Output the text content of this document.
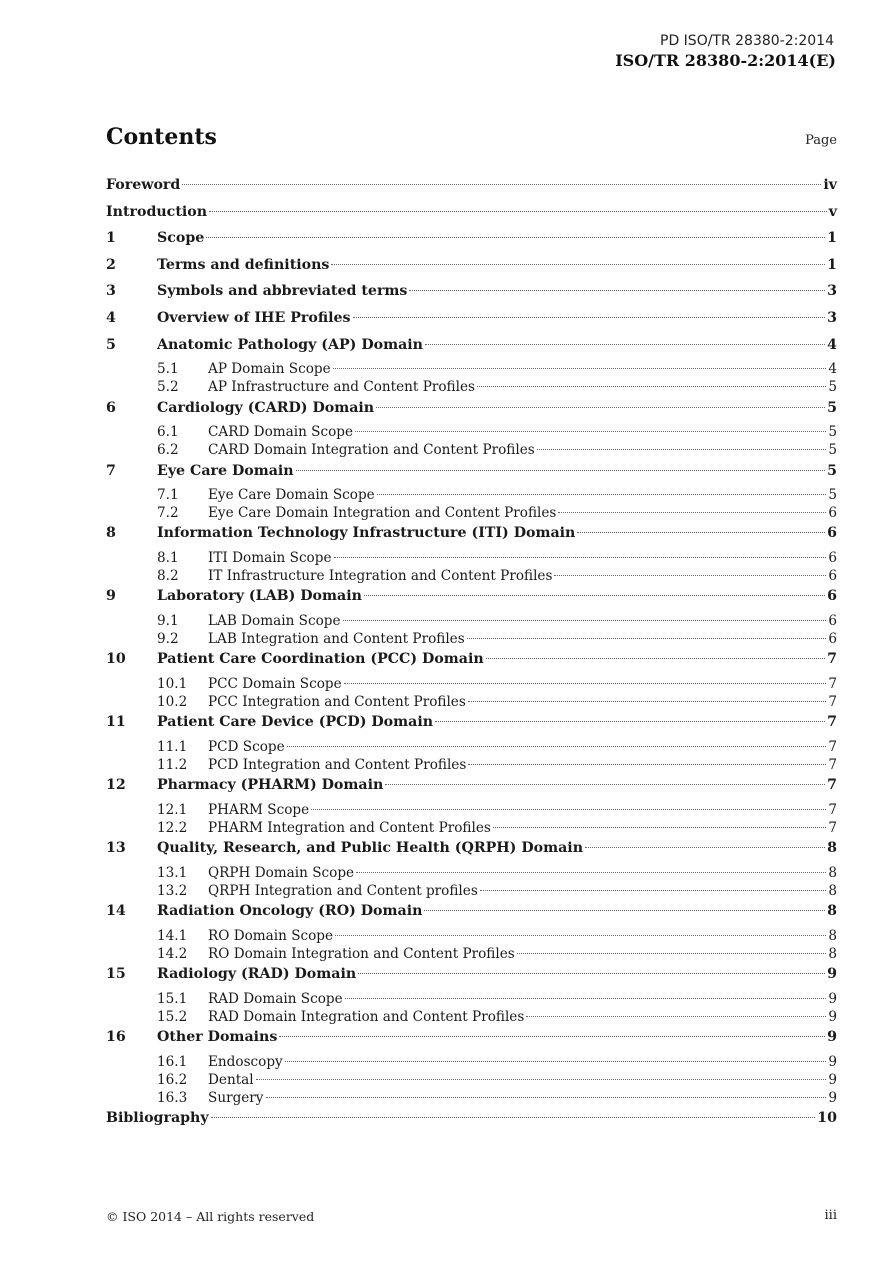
PD ISO/TR 28380-2:2014
ISO/TR 28380-2:2014(E)
Contents	Page
Foreword	iv
Introduction	v
1	Scope	1
2	Terms and definitions	1
3	Symbols and abbreviated terms	3
4	Overview of IHE Profiles	3
5	Anatomic Pathology (AP) Domain	4
5.1	AP Domain Scope	4
5.2	AP Infrastructure and Content Profiles	5
6	Cardiology (CARD) Domain	5
6.1	CARD Domain Scope	5
6.2	CARD Domain Integration and Content Profiles	5
7	Eye Care Domain	5
7.1	Eye Care Domain Scope	5
7.2	Eye Care Domain Integration and Content Profiles	6
8	Information Technology Infrastructure (ITI) Domain	6
8.1	ITI Domain Scope	6
8.2	IT Infrastructure Integration and Content Profiles	6
9	Laboratory (LAB) Domain	6
9.1	LAB Domain Scope	6
9.2	LAB Integration and Content Profiles	6
10	Patient Care Coordination (PCC) Domain	7
10.1	PCC Domain Scope	7
10.2	PCC Integration and Content Profiles	7
11	Patient Care Device (PCD) Domain	7
11.1	PCD Scope	7
11.2	PCD Integration and Content Profiles	7
12	Pharmacy (PHARM) Domain	7
12.1	PHARM Scope	7
12.2	PHARM Integration and Content Profiles	7
13	Quality, Research, and Public Health (QRPH) Domain	8
13.1	QRPH Domain Scope	8
13.2	QRPH Integration and Content profiles	8
14	Radiation Oncology (RO) Domain	8
14.1	RO Domain Scope	8
14.2	RO Domain Integration and Content Profiles	8
15	Radiology (RAD) Domain	9
15.1	RAD Domain Scope	9
15.2	RAD Domain Integration and Content Profiles	9
16	Other Domains	9
16.1	Endoscopy	9
16.2	Dental	9
16.3	Surgery	9
Bibliography	10
© ISO 2014 – All rights reserved	iii
